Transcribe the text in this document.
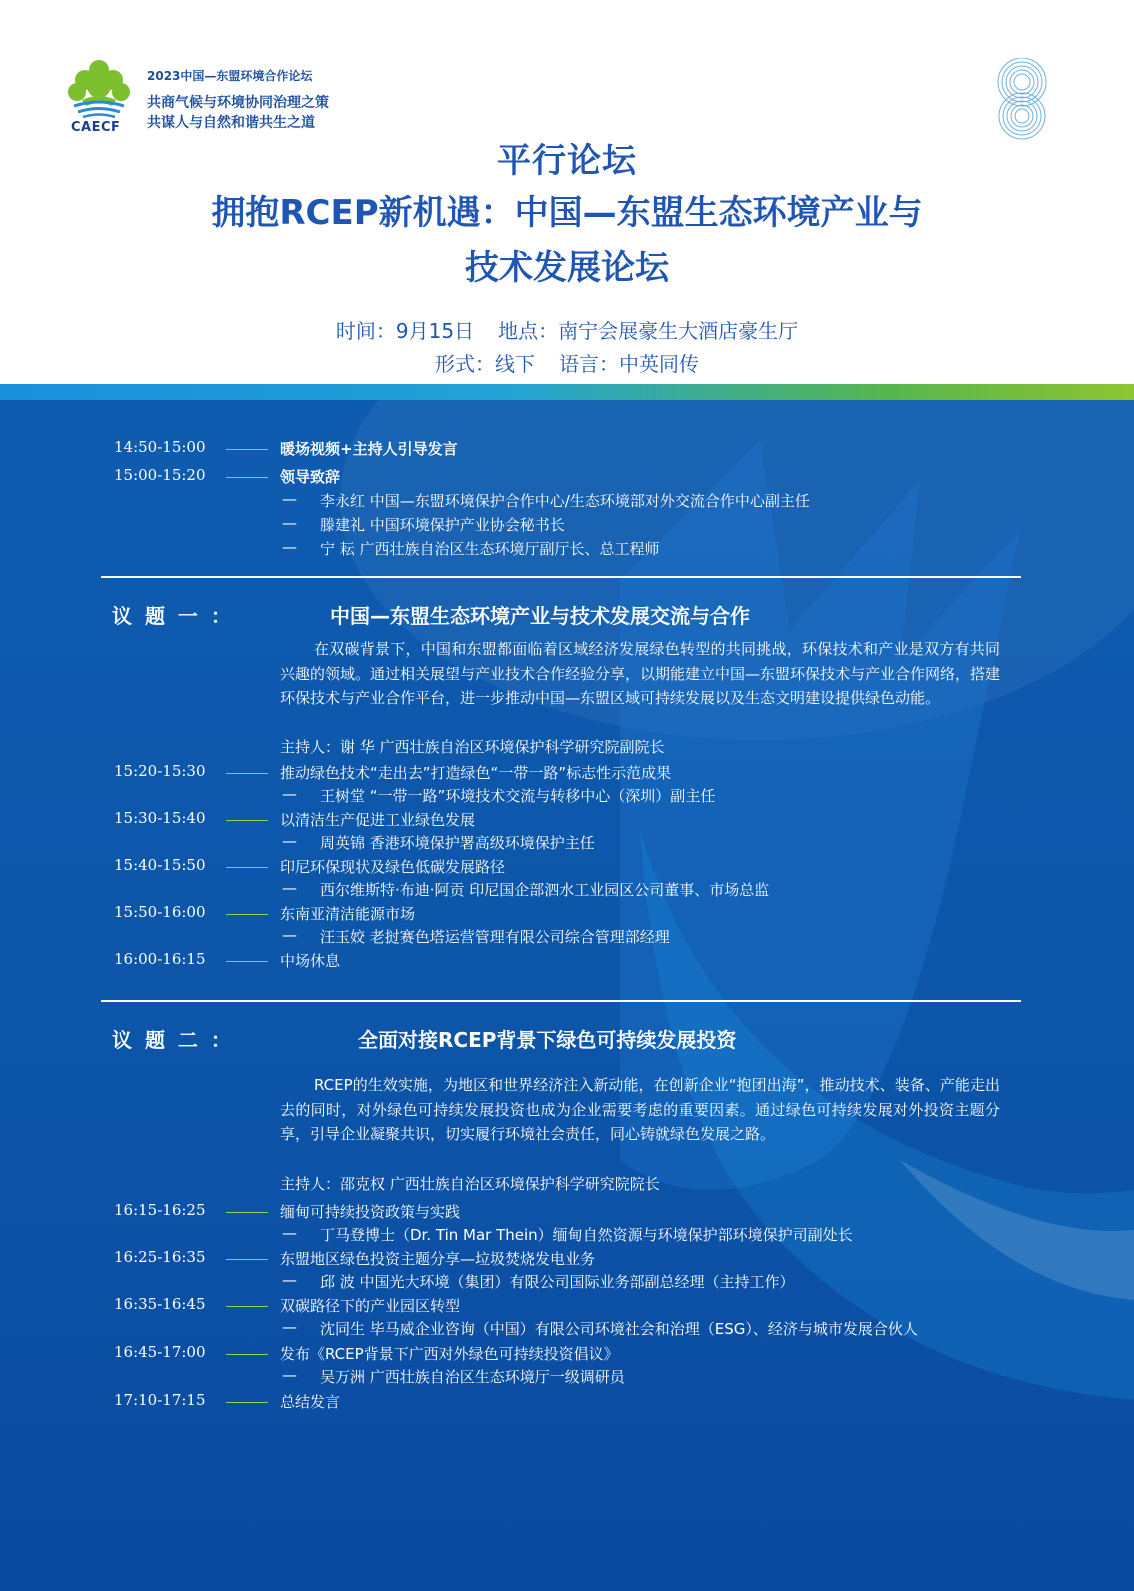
CAECF
2023中国—东盟环境合作论坛
共商气候与环境协同治理之策
共谋人与自然和谐共生之道
平行论坛
拥抱RCEP新机遇：中国—东盟生态环境产业与
技术发展论坛
时间：9月15日 地点：南宁会展豪生大酒店豪生厅
形式：线下 语言：中英同传
14:50-15:00	暖场视频+主持人引导发言
15:00-15:20	领导致辞
— 李永红 中国—东盟环境保护合作中心/生态环境部对外交流合作中心副主任
— 滕建礼 中国环境保护产业协会秘书长
— 宁 耘 广西壮族自治区生态环境厅副厅长、总工程师
议 题 一 ：	中国—东盟生态环境产业与技术发展交流与合作
在双碳背景下，中国和东盟都面临着区域经济发展绿色转型的共同挑战，环保技术和产业是双方有共同兴趣的领域。通过相关展望与产业技术合作经验分享，以期能建立中国—东盟环保技术与产业合作网络，搭建环保技术与产业合作平台，进一步推动中国—东盟区域可持续发展以及生态文明建设提供绿色动能。
主持人：谢 华 广西壮族自治区环境保护科学研究院副院长
15:20-15:30	推动绿色技术“走出去”打造绿色“一带一路”标志性示范成果
— 王树堂 “一带一路”环境技术交流与转移中心（深圳）副主任
15:30-15:40	以清洁生产促进工业绿色发展
— 周英锦 香港环境保护署高级环境保护主任
15:40-15:50	印尼环保现状及绿色低碳发展路径
— 西尔维斯特·布迪·阿贡 印尼国企部泗水工业园区公司董事、市场总监
15:50-16:00	东南亚清洁能源市场
— 汪玉姣 老挝赛色塔运营管理有限公司综合管理部经理
16:00-16:15	中场休息
议 题 二 ：	全面对接RCEP背景下绿色可持续发展投资
RCEP的生效实施，为地区和世界经济注入新动能，在创新企业“抱团出海”，推动技术、装备、产能走出去的同时，对外绿色可持续发展投资也成为企业需要考虑的重要因素。通过绿色可持续发展对外投资主题分享，引导企业凝聚共识，切实履行环境社会责任，同心铸就绿色发展之路。
主持人：邵克权 广西壮族自治区环境保护科学研究院院长
16:15-16:25	缅甸可持续投资政策与实践
— 丁马登博士（Dr. Tin Mar Thein）缅甸自然资源与环境保护部环境保护司副处长
16:25-16:35	东盟地区绿色投资主题分享—垃圾焚烧发电业务
— 邱 波 中国光大环境（集团）有限公司国际业务部副总经理（主持工作）
16:35-16:45	双碳路径下的产业园区转型
— 沈同生 毕马威企业咨询（中国）有限公司环境社会和治理（ESG）、经济与城市发展合伙人
16:45-17:00	发布《RCEP背景下广西对外绿色可持续投资倡议》
— 吴万洲 广西壮族自治区生态环境厅一级调研员
17:10-17:15	总结发言
